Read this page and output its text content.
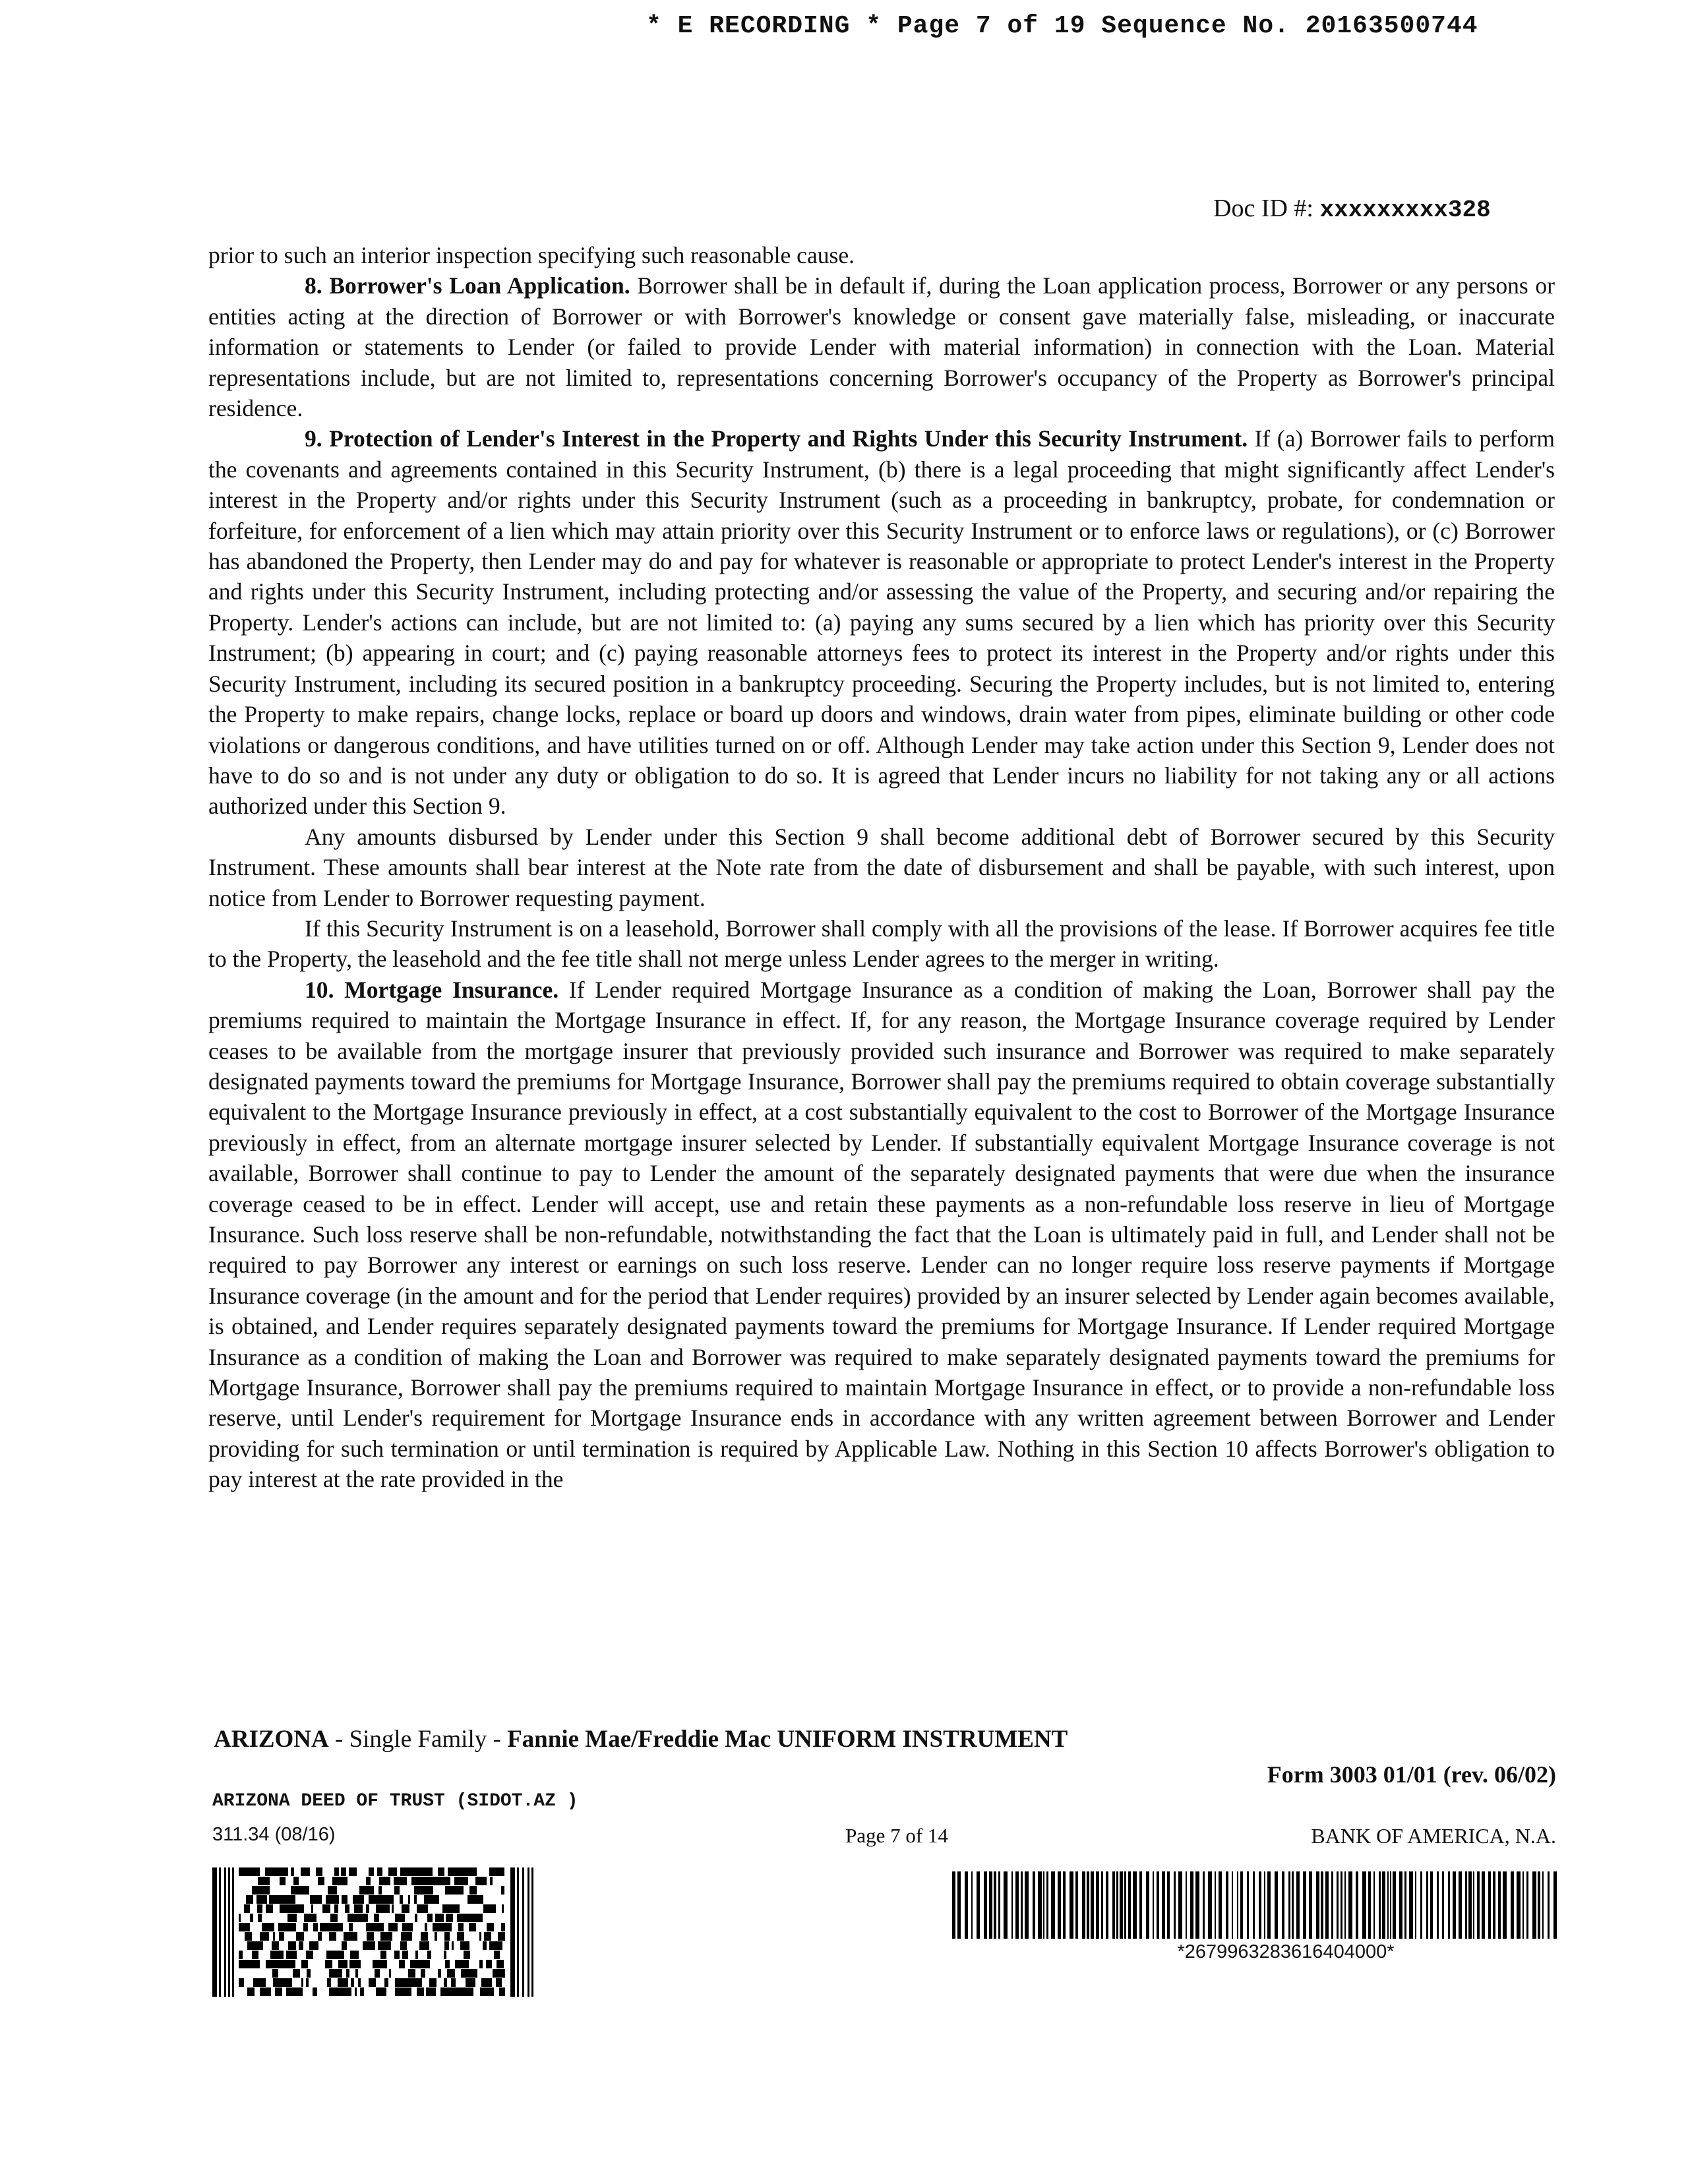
* E RECORDING * Page 7 of 19 Sequence No. 20163500744
Doc ID #: xxxxxxxxx328

prior to such an interior inspection specifying such reasonable cause.

8. Borrower's Loan Application. Borrower shall be in default if, during the Loan application process, Borrower or any persons or entities acting at the direction of Borrower or with Borrower's knowledge or consent gave materially false, misleading, or inaccurate information or statements to Lender (or failed to provide Lender with material information) in connection with the Loan. Material representations include, but are not limited to, representations concerning Borrower's occupancy of the Property as Borrower's principal residence.

9. Protection of Lender's Interest in the Property and Rights Under this Security Instrument. If (a) Borrower fails to perform the covenants and agreements contained in this Security Instrument, (b) there is a legal proceeding that might significantly affect Lender's interest in the Property and/or rights under this Security Instrument (such as a proceeding in bankruptcy, probate, for condemnation or forfeiture, for enforcement of a lien which may attain priority over this Security Instrument or to enforce laws or regulations), or (c) Borrower has abandoned the Property, then Lender may do and pay for whatever is reasonable or appropriate to protect Lender's interest in the Property and rights under this Security Instrument, including protecting and/or assessing the value of the Property, and securing and/or repairing the Property. Lender's actions can include, but are not limited to: (a) paying any sums secured by a lien which has priority over this Security Instrument; (b) appearing in court; and (c) paying reasonable attorneys fees to protect its interest in the Property and/or rights under this Security Instrument, including its secured position in a bankruptcy proceeding. Securing the Property includes, but is not limited to, entering the Property to make repairs, change locks, replace or board up doors and windows, drain water from pipes, eliminate building or other code violations or dangerous conditions, and have utilities turned on or off. Although Lender may take action under this Section 9, Lender does not have to do so and is not under any duty or obligation to do so. It is agreed that Lender incurs no liability for not taking any or all actions authorized under this Section 9.

Any amounts disbursed by Lender under this Section 9 shall become additional debt of Borrower secured by this Security Instrument. These amounts shall bear interest at the Note rate from the date of disbursement and shall be payable, with such interest, upon notice from Lender to Borrower requesting payment.

If this Security Instrument is on a leasehold, Borrower shall comply with all the provisions of the lease. If Borrower acquires fee title to the Property, the leasehold and the fee title shall not merge unless Lender agrees to the merger in writing.

10. Mortgage Insurance. If Lender required Mortgage Insurance as a condition of making the Loan, Borrower shall pay the premiums required to maintain the Mortgage Insurance in effect. If, for any reason, the Mortgage Insurance coverage required by Lender ceases to be available from the mortgage insurer that previously provided such insurance and Borrower was required to make separately designated payments toward the premiums for Mortgage Insurance, Borrower shall pay the premiums required to obtain coverage substantially equivalent to the Mortgage Insurance previously in effect, at a cost substantially equivalent to the cost to Borrower of the Mortgage Insurance previously in effect, from an alternate mortgage insurer selected by Lender. If substantially equivalent Mortgage Insurance coverage is not available, Borrower shall continue to pay to Lender the amount of the separately designated payments that were due when the insurance coverage ceased to be in effect. Lender will accept, use and retain these payments as a non-refundable loss reserve in lieu of Mortgage Insurance. Such loss reserve shall be non-refundable, notwithstanding the fact that the Loan is ultimately paid in full, and Lender shall not be required to pay Borrower any interest or earnings on such loss reserve. Lender can no longer require loss reserve payments if Mortgage Insurance coverage (in the amount and for the period that Lender requires) provided by an insurer selected by Lender again becomes available, is obtained, and Lender requires separately designated payments toward the premiums for Mortgage Insurance. If Lender required Mortgage Insurance as a condition of making the Loan and Borrower was required to make separately designated payments toward the premiums for Mortgage Insurance, Borrower shall pay the premiums required to maintain Mortgage Insurance in effect, or to provide a non-refundable loss reserve, until Lender's requirement for Mortgage Insurance ends in accordance with any written agreement between Borrower and Lender providing for such termination or until termination is required by Applicable Law. Nothing in this Section 10 affects Borrower's obligation to pay interest at the rate provided in the

ARIZONA - Single Family - Fannie Mae/Freddie Mac UNIFORM INSTRUMENT
Form 3003 01/01 (rev. 06/02)
ARIZONA DEED OF TRUST (SIDOT.AZ )
311.34 (08/16)	Page 7 of 14	BANK OF AMERICA, N.A.
*2679963283616404000*
